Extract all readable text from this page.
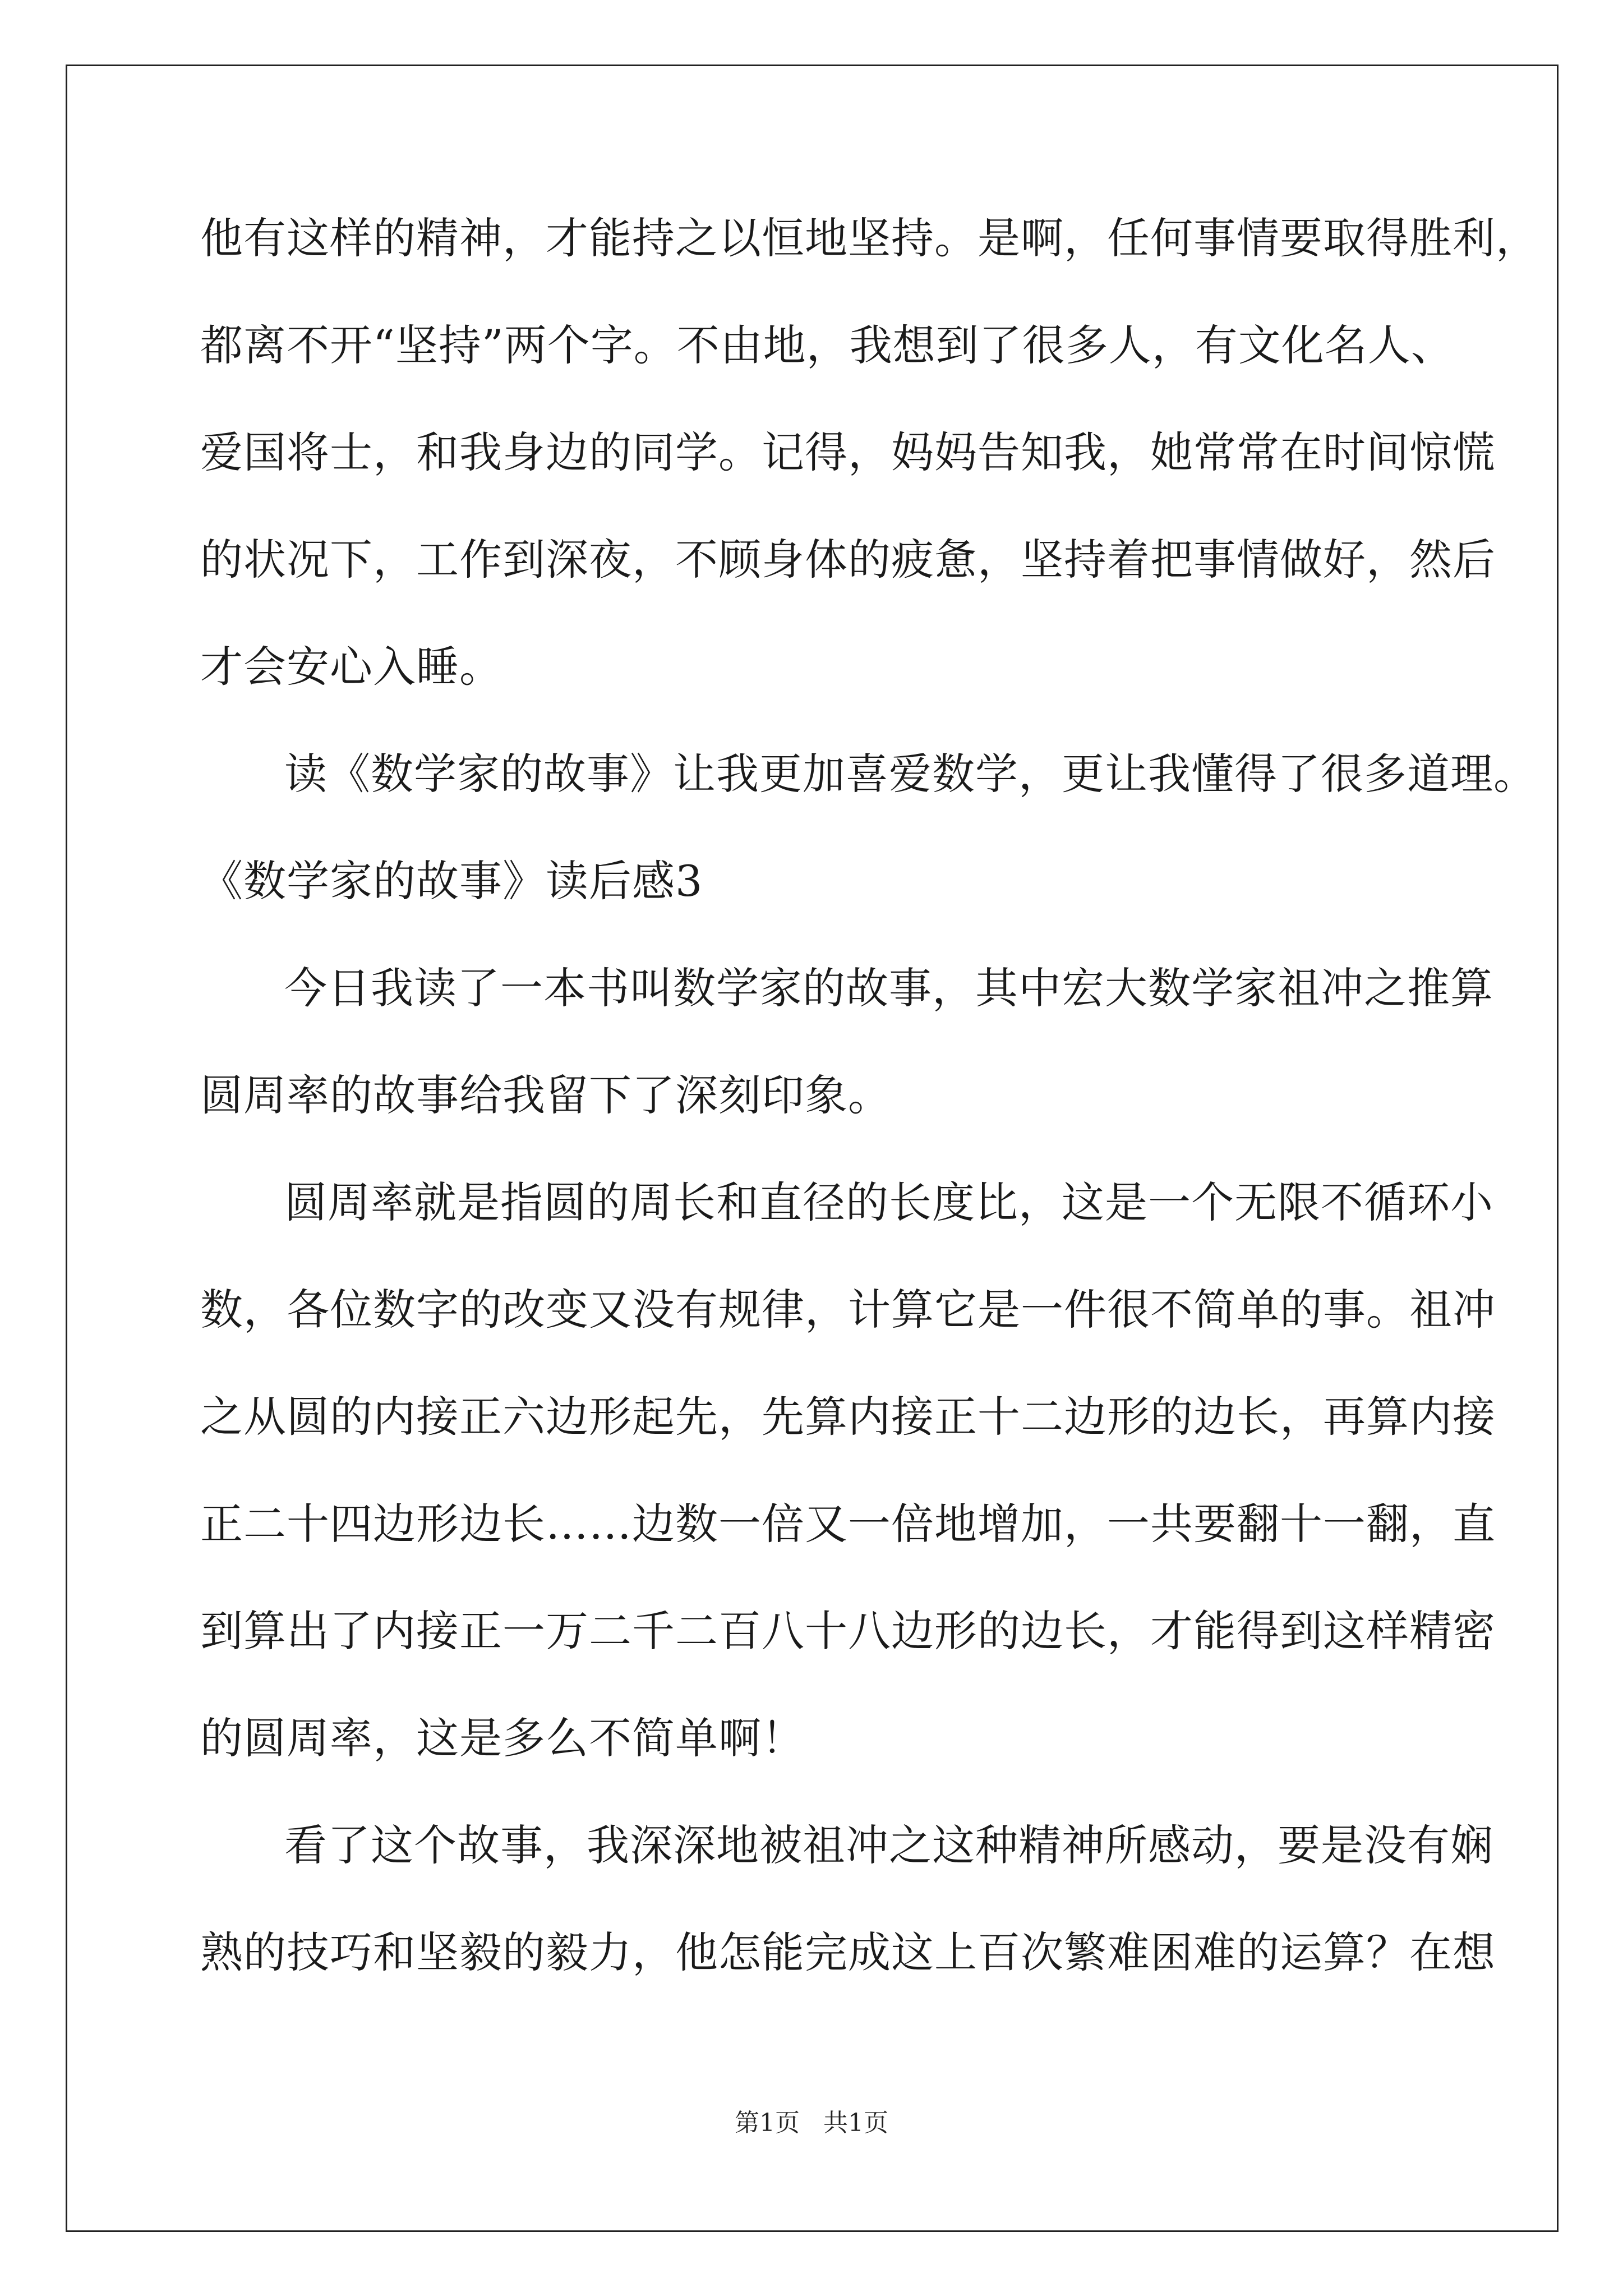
他有这样的精神，才能持之以恒地坚持。是啊，任何事情要取得胜利，
都离不开“坚持”两个字。不由地，我想到了很多人，有文化名人、
爱国将士，和我身边的同学。记得，妈妈告知我，她常常在时间惊慌
的状况下，工作到深夜，不顾身体的疲惫，坚持着把事情做好，然后
才会安心入睡。
读《数学家的故事》让我更加喜爱数学，更让我懂得了很多道理。
《数学家的故事》读后感3
今日我读了一本书叫数学家的故事，其中宏大数学家祖冲之推算
圆周率的故事给我留下了深刻印象。
圆周率就是指圆的周长和直径的长度比，这是一个无限不循环小
数，各位数字的改变又没有规律，计算它是一件很不简单的事。祖冲
之从圆的内接正六边形起先，先算内接正十二边形的边长，再算内接
正二十四边形边长……边数一倍又一倍地增加，一共要翻十一翻，直
到算出了内接正一万二千二百八十八边形的边长，才能得到这样精密
的圆周率，这是多么不简单啊！
看了这个故事，我深深地被祖冲之这种精神所感动，要是没有娴
熟的技巧和坚毅的毅力，他怎能完成这上百次繁难困难的运算？在想
第1页   共1页
